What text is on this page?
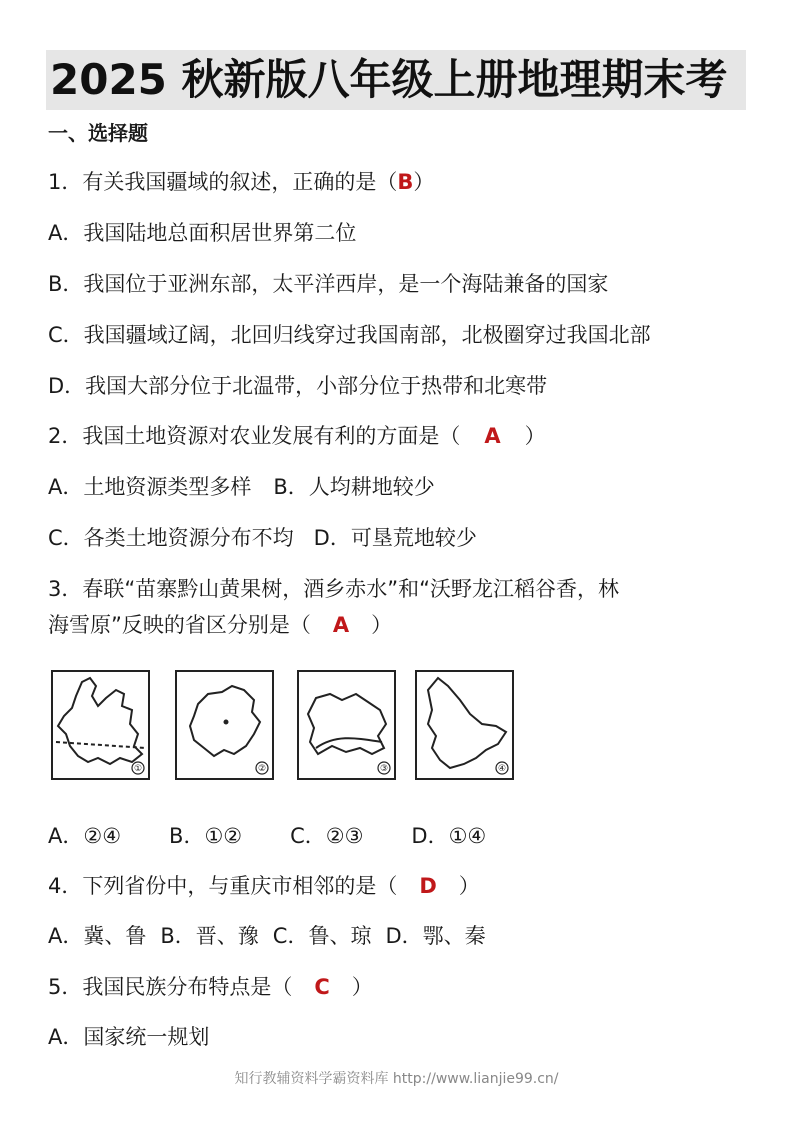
2025 秋新版八年级上册地理期末考
一、选择题
1．有关我国疆域的叙述，正确的是（B）
A．我国陆地总面积居世界第二位
B．我国位于亚洲东部，太平洋西岸，是一个海陆兼备的国家
C．我国疆域辽阔，北回归线穿过我国南部，北极圈穿过我国北部
D．我国大部分位于北温带，小部分位于热带和北寒带
2．我国土地资源对农业发展有利的方面是（ A ）
A．土地资源类型多样 B．人均耕地较少
C．各类土地资源分布不均 D．可垦荒地较少
3．春联“苗寨黔山黄果树，酒乡赤水”和“沃野龙江稻谷香，林
海雪原”反映的省区分别是（ A ）
①	②	③	④
A．②④ B．①② C．②③ D．①④
4．下列省份中，与重庆市相邻的是（ D ）
A．冀、鲁 B．晋、豫 C．鲁、琼 D．鄂、秦
5．我国民族分布特点是（ C ）
A．国家统一规划
知行教辅资料学霸资料库 http://www.lianjie99.cn/
